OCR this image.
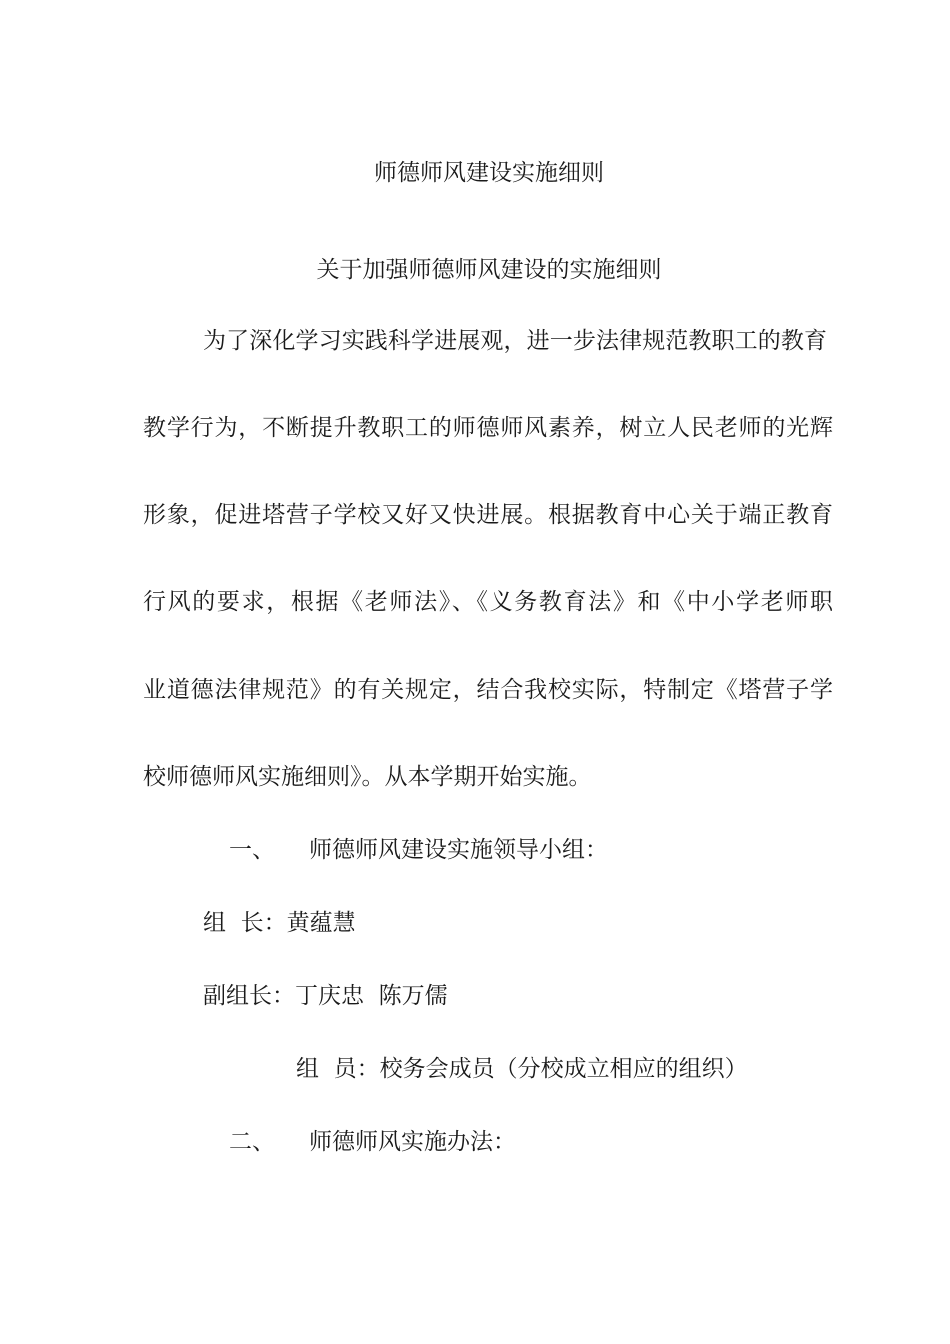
师德师风建设实施细则
关于加强师德师风建设的实施细则
为了深化学习实践科学进展观，进一步法律规范教职工的教育
教学行为，不断提升教职工的师德师风素养，树立人民老师的光辉
形象，促进塔营子学校又好又快进展。根据教育中心关于端正教育
行风的要求，根据《老师法》、《义务教育法》和《中小学老师职
业道德法律规范》的有关规定，结合我校实际，特制定《塔营子学
校师德师风实施细则》。从本学期开始实施。
一、	师德师风建设实施领导小组：
组  长：黄蕴慧
副组长：丁庆忠  陈万儒
组  员：校务会成员（分校成立相应的组织）
二、	师德师风实施办法：
